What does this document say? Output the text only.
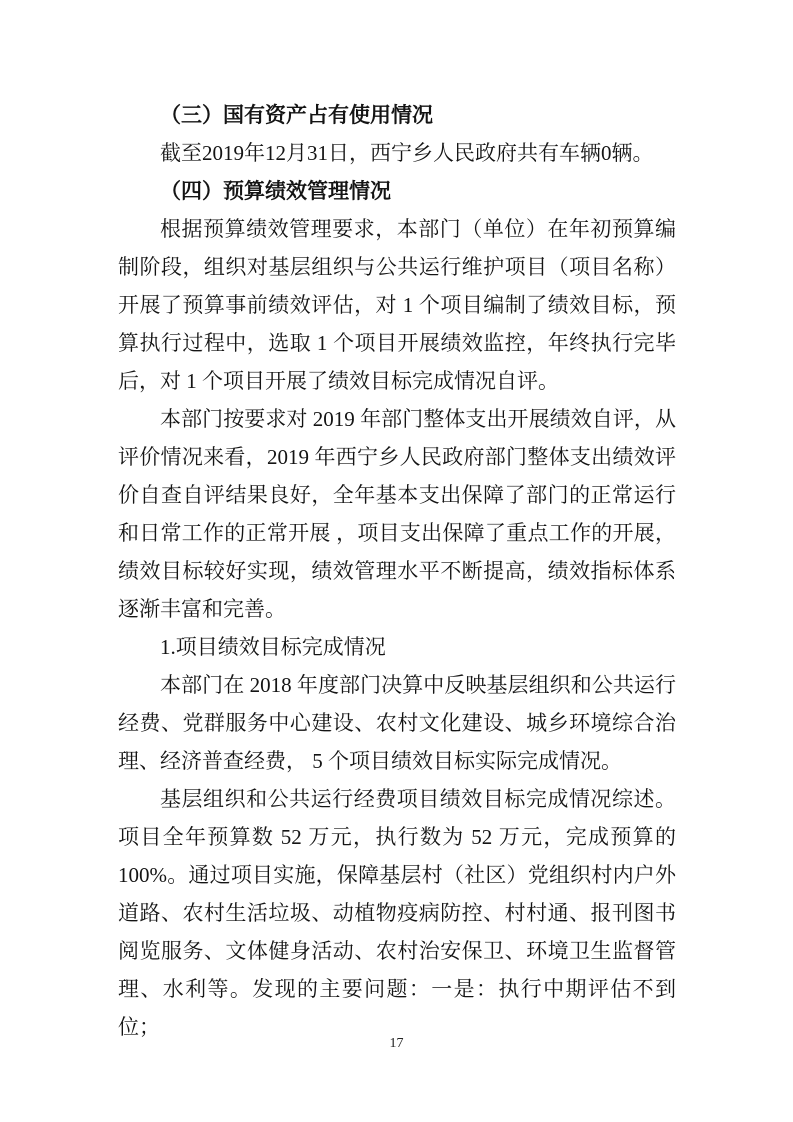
（三）国有资产占有使用情况

截至2019年12月31日，西宁乡人民政府共有车辆0辆。

（四）预算绩效管理情况

根据预算绩效管理要求，本部门（单位）在年初预算编制阶段，组织对基层组织与公共运行维护项目（项目名称）开展了预算事前绩效评估，对 1 个项目编制了绩效目标，预算执行过程中，选取 1 个项目开展绩效监控，年终执行完毕后，对 1 个项目开展了绩效目标完成情况自评。

本部门按要求对 2019 年部门整体支出开展绩效自评，从评价情况来看，2019 年西宁乡人民政府部门整体支出绩效评价自查自评结果良好，全年基本支出保障了部门的正常运行和日常工作的正常开展 ，项目支出保障了重点工作的开展，绩效目标较好实现，绩效管理水平不断提高，绩效指标体系逐渐丰富和完善。

1.项目绩效目标完成情况

本部门在 2018 年度部门决算中反映基层组织和公共运行经费、党群服务中心建设、农村文化建设、城乡环境综合治理、经济普查经费， 5 个项目绩效目标实际完成情况。

基层组织和公共运行经费项目绩效目标完成情况综述。项目全年预算数 52 万元，执行数为 52 万元，完成预算的 100%。通过项目实施，保障基层村（社区）党组织村内户外道路、农村生活垃圾、动植物疫病防控、村村通、报刊图书阅览服务、文体健身活动、农村治安保卫、环境卫生监督管理、水利等。发现的主要问题：一是：执行中期评估不到位；

17
